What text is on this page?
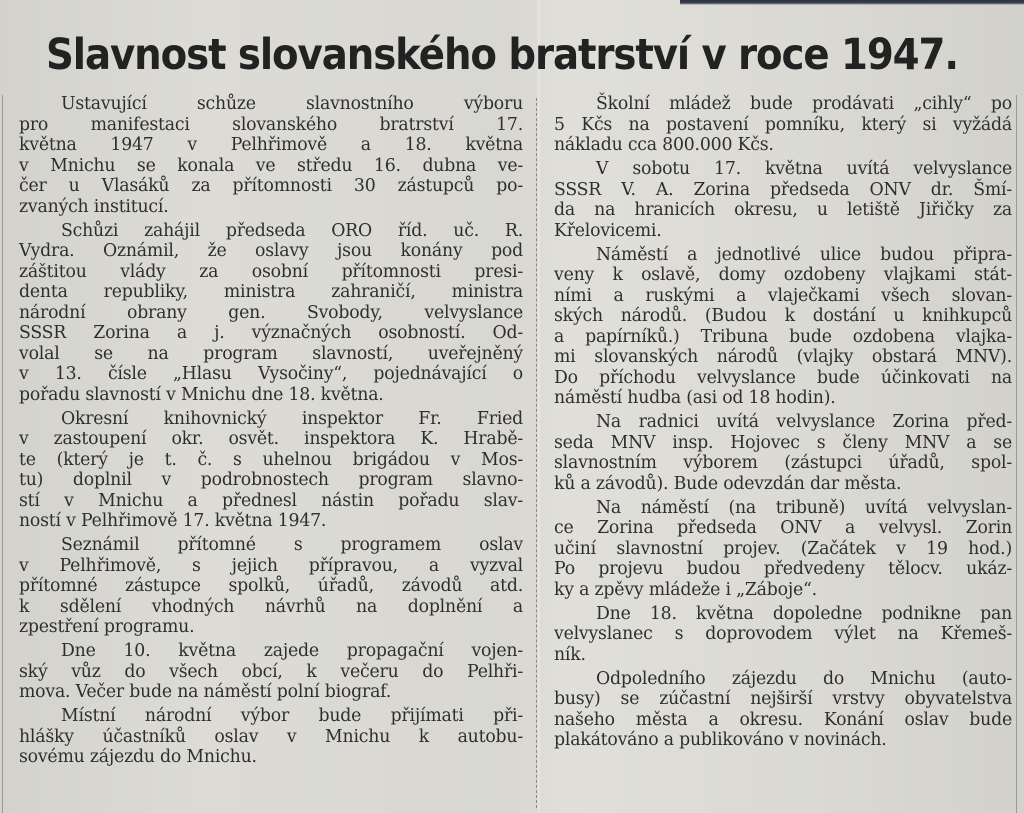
Slavnost slovanského bratrství v roce 1947.
Ustavující schůze slavnostního výboru
pro manifestaci slovanského bratrství 17.
května 1947 v Pelhřimově a 18. května
v Mnichu se konala ve středu 16. dubna ve-
čer u Vlasáků za přítomnosti 30 zástupců po-
zvaných institucí.
Schůzi zahájil předseda ORO říd. uč. R.
Vydra. Oznámil, že oslavy jsou konány pod
záštitou vlády za osobní přítomnosti presi-
denta republiky, ministra zahraničí, ministra
národní obrany gen. Svobody, velvyslance
SSSR Zorina a j. význačných osobností. Od-
volal se na program slavností, uveřejněný
v 13. čísle „Hlasu Vysočiny“, pojednávající o
pořadu slavností v Mnichu dne 18. května.
Okresní knihovnický inspektor Fr. Fried
v zastoupení okr. osvět. inspektora K. Hrabě-
te (který je t. č. s uhelnou brigádou v Mos-
tu) doplnil v podrobnostech program slavno-
stí v Mnichu a přednesl nástin pořadu slav-
ností v Pelhřimově 17. května 1947.
Seznámil přítomné s programem oslav
v Pelhřimově, s jejich přípravou, a vyzval
přítomné zástupce spolků, úřadů, závodů atd.
k sdělení vhodných návrhů na doplnění a
zpestření programu.
Dne 10. května zajede propagační vojen-
ský vůz do všech obcí, k večeru do Pelhři-
mova. Večer bude na náměstí polní biograf.
Místní národní výbor bude přijímati při-
hlášky účastníků oslav v Mnichu k autobu-
sovému zájezdu do Mnichu.
Školní mládež bude prodávati „cihly“ po
5 Kčs na postavení pomníku, který si vyžádá
nákladu cca 800.000 Kčs.
V sobotu 17. května uvítá velvyslance
SSSR V. A. Zorina předseda ONV dr. Šmí-
da na hranicích okresu, u letiště Jiřičky za
Křelovicemi.
Náměstí a jednotlivé ulice budou připra-
veny k oslavě, domy ozdobeny vlajkami stát-
ními a ruskými a vlaječkami všech slovan-
ských národů. (Budou k dostání u knihkupců
a papírníků.) Tribuna bude ozdobena vlajka-
mi slovanských národů (vlajky obstará MNV).
Do příchodu velvyslance bude účinkovati na
náměstí hudba (asi od 18 hodin).
Na radnici uvítá velvyslance Zorina před-
seda MNV insp. Hojovec s členy MNV a se
slavnostním výborem (zástupci úřadů, spol-
ků a závodů). Bude odevzdán dar města.
Na náměstí (na tribuně) uvítá velvyslan-
ce Zorina předseda ONV a velvysl. Zorin
učiní slavnostní projev. (Začátek v 19 hod.)
Po projevu budou předvedeny tělocv. ukáz-
ky a zpěvy mládeže i „Záboje“.
Dne 18. května dopoledne podnikne pan
velvyslanec s doprovodem výlet na Křemeš-
ník.
Odpoledního zájezdu do Mnichu (auto-
busy) se zúčastní nejširší vrstvy obyvatelstva
našeho města a okresu. Konání oslav bude
plakátováno a publikováno v novinách.
